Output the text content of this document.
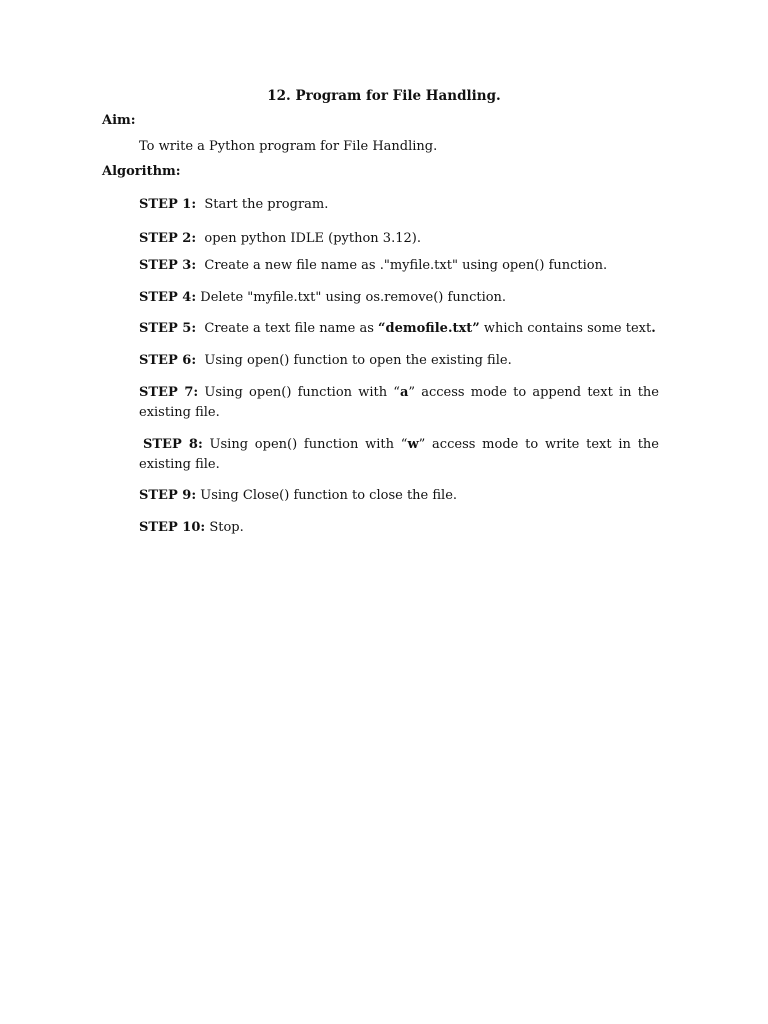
12. Program for File Handling.
Aim:
To write a Python program for File Handling.
Algorithm:
STEP 1: Start the program.
STEP 2: open python IDLE (python 3.12).
STEP 3: Create a new file name as ."myfile.txt" using open() function.
STEP 4: Delete "myfile.txt" using os.remove() function.
STEP 5: Create a text file name as “demofile.txt” which contains some text.
STEP 6: Using open() function to open the existing file.
STEP 7: Using open() function with “a” access mode to append text in the existing file.
STEP 8: Using open() function with “w” access mode to write text in the existing file.
STEP 9: Using Close() function to close the file.
STEP 10: Stop.
